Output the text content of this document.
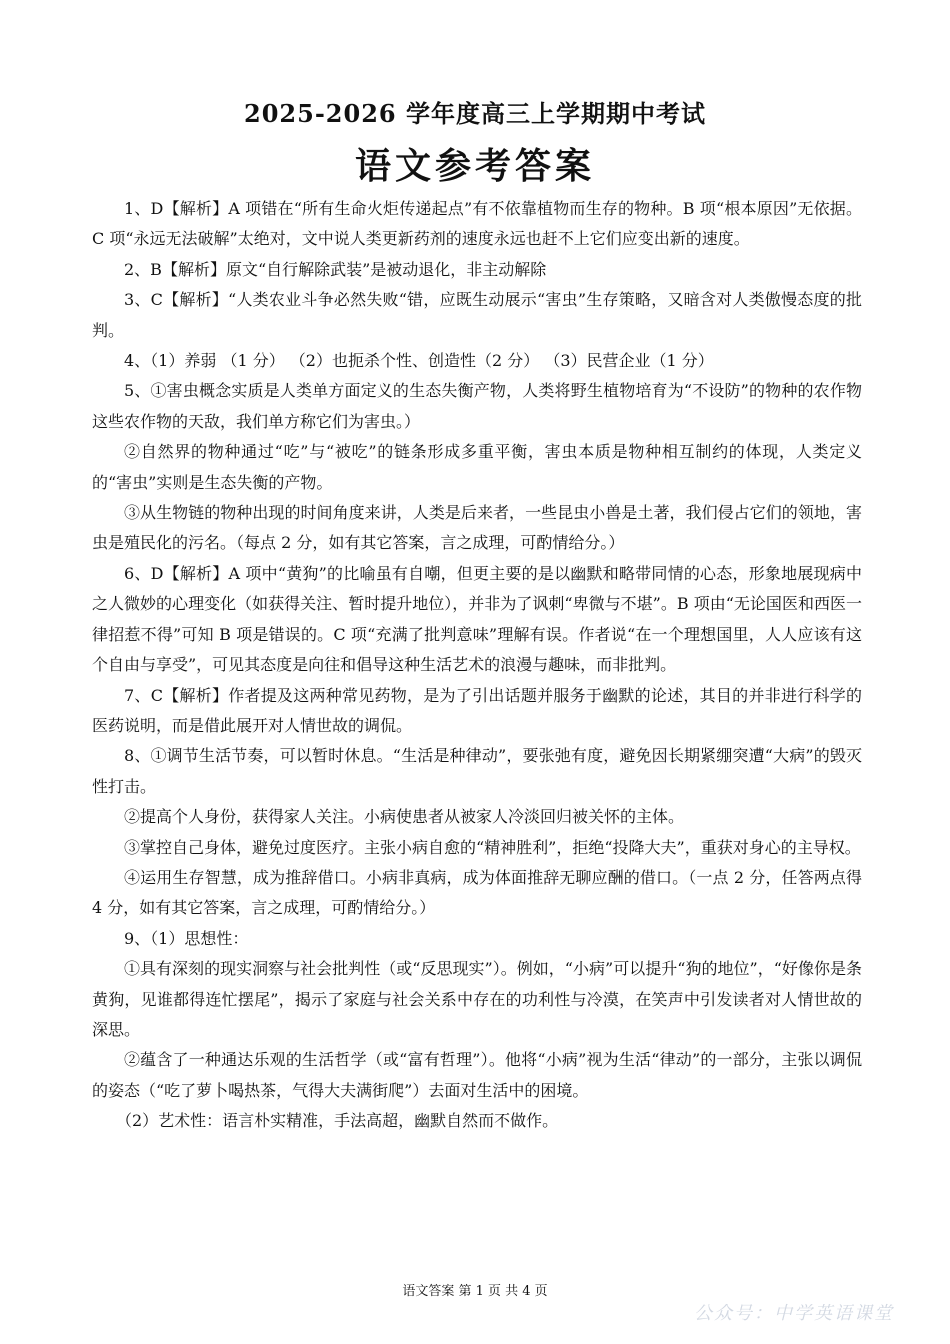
2025-2026 学年度高三上学期期中考试
语文参考答案

1、D【解析】A 项错在“所有生命火炬传递起点”有不依靠植物而生存的物种。B 项“根本原因”无依据。C 项“永远无法破解”太绝对，文中说人类更新药剂的速度永远也赶不上它们应变出新的速度。

2、B【解析】原文“自行解除武装”是被动退化，非主动解除

3、C【解析】“人类农业斗争必然失败“错，应既生动展示“害虫”生存策略，又暗含对人类傲慢态度的批判。

4、（1）养弱 （1 分） （2）也扼杀个性、创造性（2 分） （3）民营企业（1 分）

5、①害虫概念实质是人类单方面定义的生态失衡产物，人类将野生植物培育为“不设防”的物种的农作物这些农作物的天敌，我们单方称它们为害虫。）

②自然界的物种通过“吃”与“被吃”的链条形成多重平衡，害虫本质是物种相互制约的体现，人类定义的“害虫”实则是生态失衡的产物。

③从生物链的物种出现的时间角度来讲，人类是后来者，一些昆虫小兽是土著，我们侵占它们的领地，害虫是殖民化的污名。（每点 2 分，如有其它答案，言之成理，可酌情给分。）

6、D【解析】A 项中“黄狗”的比喻虽有自嘲，但更主要的是以幽默和略带同情的心态，形象地展现病中之人微妙的心理变化（如获得关注、暂时提升地位），并非为了讽刺“卑微与不堪”。B 项由“无论国医和西医一律招惹不得”可知 B 项是错误的。C 项“充满了批判意味”理解有误。作者说“在一个理想国里，人人应该有这个自由与享受”，可见其态度是向往和倡导这种生活艺术的浪漫与趣味，而非批判。

7、C【解析】作者提及这两种常见药物，是为了引出话题并服务于幽默的论述，其目的并非进行科学的医药说明，而是借此展开对人情世故的调侃。

8、①调节生活节奏，可以暂时休息。“生活是种律动”，要张弛有度，避免因长期紧绷突遭“大病”的毁灭性打击。

②提高个人身份，获得家人关注。小病使患者从被家人冷淡回归被关怀的主体。

③掌控自己身体，避免过度医疗。主张小病自愈的“精神胜利”，拒绝“投降大夫”，重获对身心的主导权。

④运用生存智慧，成为推辞借口。小病非真病，成为体面推辞无聊应酬的借口。（一点 2 分，任答两点得 4 分，如有其它答案，言之成理，可酌情给分。）

9、（1）思想性：

①具有深刻的现实洞察与社会批判性（或“反思现实”）。例如，“小病”可以提升“狗的地位”，“好像你是条黄狗，见谁都得连忙摆尾”，揭示了家庭与社会关系中存在的功利性与冷漠，在笑声中引发读者对人情世故的深思。

②蕴含了一种通达乐观的生活哲学（或“富有哲理”）。他将“小病”视为生活“律动”的一部分，主张以调侃的姿态（“吃了萝卜喝热茶，气得大夫满街爬”）去面对生活中的困境。

（2）艺术性：语言朴实精准，手法高超，幽默自然而不做作。

语文答案 第 1 页 共 4 页
公众号：中学英语课堂
